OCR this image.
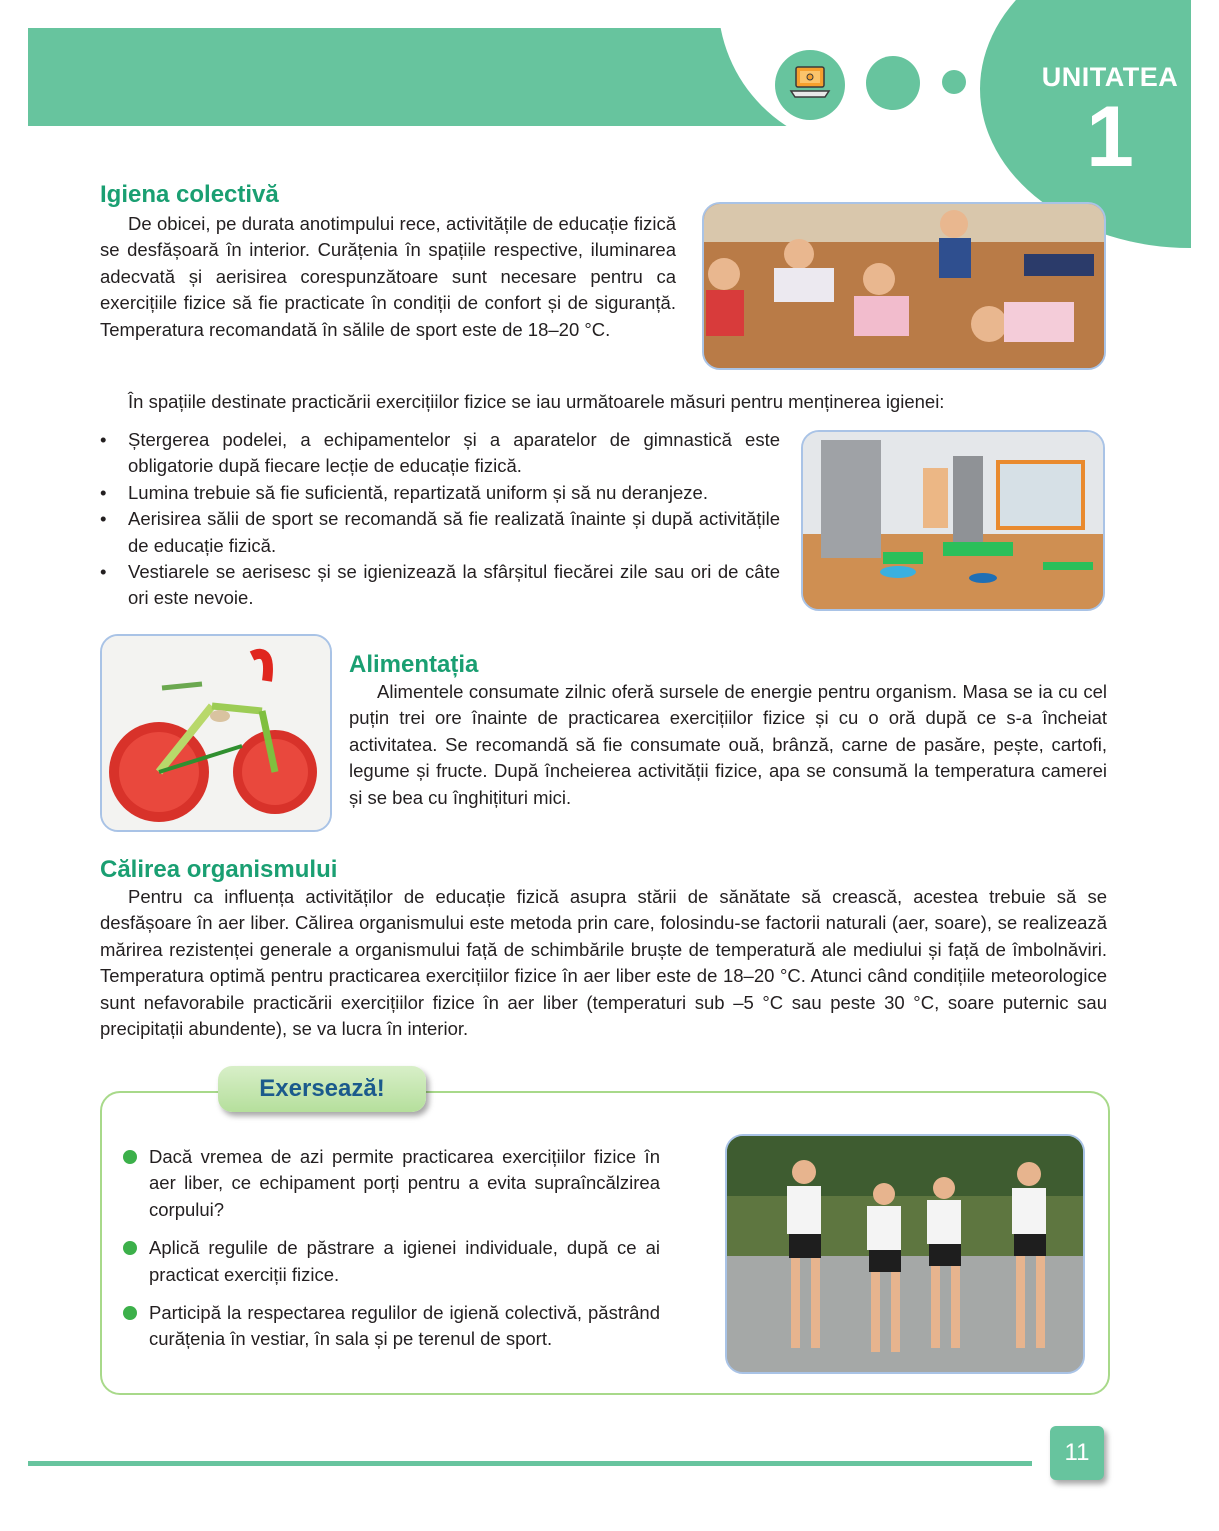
UNITATEA
1
Igiena colectivă

De obicei, pe durata anotimpului rece, activitățile de educație fizică se desfășoară în interior. Curățenia în spațiile respective, iluminarea adecvată și aerisirea corespunzătoare sunt necesare pentru ca exercițiile fizice să fie practicate în condiții de confort și de siguranță. Temperatura recomandată în sălile de sport este de 18–20 °C.

În spațiile destinate practicării exercițiilor fizice se iau următoarele măsuri pentru menținerea igienei:

• Ștergerea podelei, a echipamentelor și a aparatelor de gimnastică este obligatorie după fiecare lecție de educație fizică.
• Lumina trebuie să fie suficientă, repartizată uniform și să nu deranjeze.
• Aerisirea sălii de sport se recomandă să fie realizată înainte și după activitățile de educație fizică.
• Vestiarele se aerisesc și se igienizează la sfârșitul fiecărei zile sau ori de câte ori este nevoie.
Alimentația

Alimentele consumate zilnic oferă sursele de energie pentru organism. Masa se ia cu cel puțin trei ore înainte de practicarea exercițiilor fizice și cu o oră după ce s-a încheiat activitatea. Se recomandă să fie consumate ouă, brânză, carne de pasăre, pește, cartofi, legume și fructe. După încheierea activității fizice, apa se consumă la temperatura camerei și se bea cu înghițituri mici.

Călirea organismului

Pentru ca influența activităților de educație fizică asupra stării de sănătate să crească, acestea trebuie să se desfășoare în aer liber. Călirea organismului este metoda prin care, folosindu-se factorii naturali (aer, soare), se realizează mărirea rezistenței generale a organismului față de schimbările bruște de temperatură ale mediului și față de îmbolnăviri. Temperatura optimă pentru practicarea exercițiilor fizice în aer liber este de 18–20 °C. Atunci când condițiile meteorologice sunt nefavorabile practicării exercițiilor fizice în aer liber (temperaturi sub –5 °C sau peste 30 °C, soare puternic sau precipitații abundente), se va lucra în interior.

Exersează!
Dacă vremea de azi permite practicarea exercițiilor fizice în aer liber, ce echipament porți pentru a evita supraîncălzirea corpului?
Aplică regulile de păstrare a igienei individuale, după ce ai practicat exerciții fizice.
Participă la respectarea regulilor de igienă colectivă, păstrând curățenia în vestiar, în sala și pe terenul de sport.
11
